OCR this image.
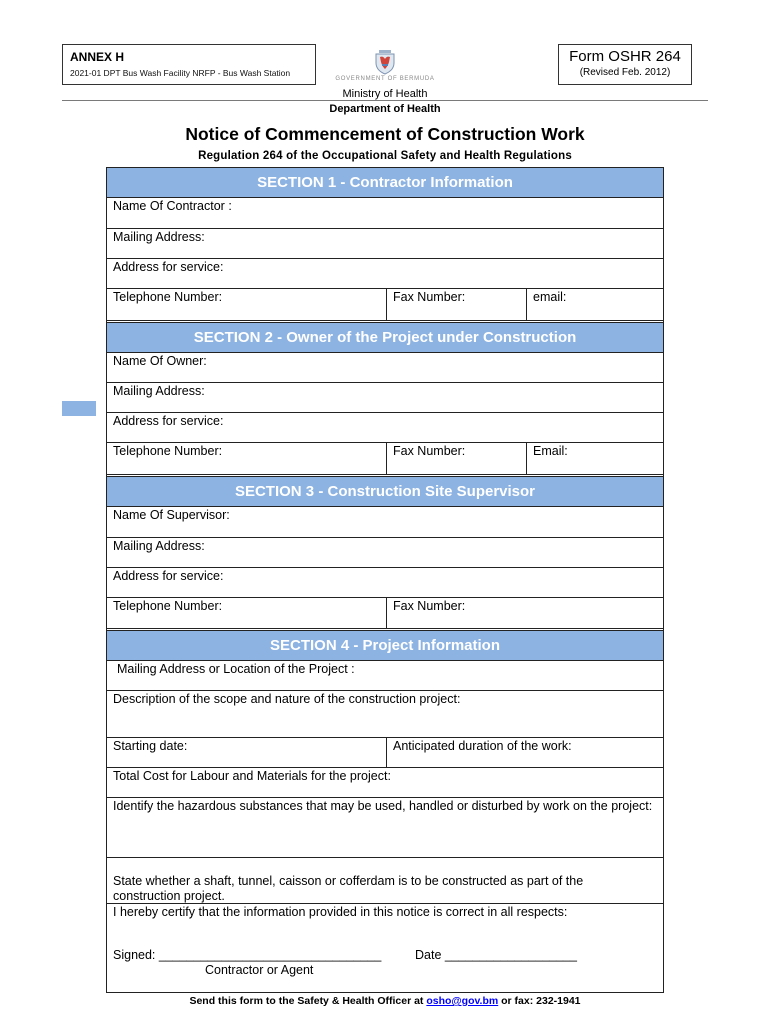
ANNEX H
2021-01 DPT Bus Wash Facility NRFP - Bus Wash Station
GOVERNMENT OF BERMUDA
Ministry of Health
Department of Health
Form OSHR 264
(Revised Feb. 2012)
Notice of Commencement of Construction Work
Regulation 264 of the Occupational Safety and Health Regulations
SECTION 1 - Contractor Information
Name Of Contractor :
Mailing Address:
Address for service:
Telephone Number:	Fax Number:	email:
SECTION 2 - Owner of the Project under Construction
Name Of Owner:
Mailing Address:
Address for service:
Telephone Number:	Fax Number:	Email:
SECTION 3 - Construction Site Supervisor
Name Of Supervisor:
Mailing Address:
Address for service:
Telephone Number:	Fax Number:
SECTION 4 - Project Information
Mailing Address or Location of the Project :
Description of the scope and nature of the construction project:
Starting date:	Anticipated duration of the work:
Total Cost for Labour and Materials for the project:
Identify the hazardous substances that may be used, handled or disturbed by work on the project:

State whether a shaft, tunnel, caisson or cofferdam is to be constructed as part of the
construction project.

I hereby certify that the information provided in this notice is correct in all respects:
Signed: ________________________________	Date ___________________
Contractor or Agent
Send this form to the Safety & Health Officer at osho@gov.bm or fax: 232-1941
